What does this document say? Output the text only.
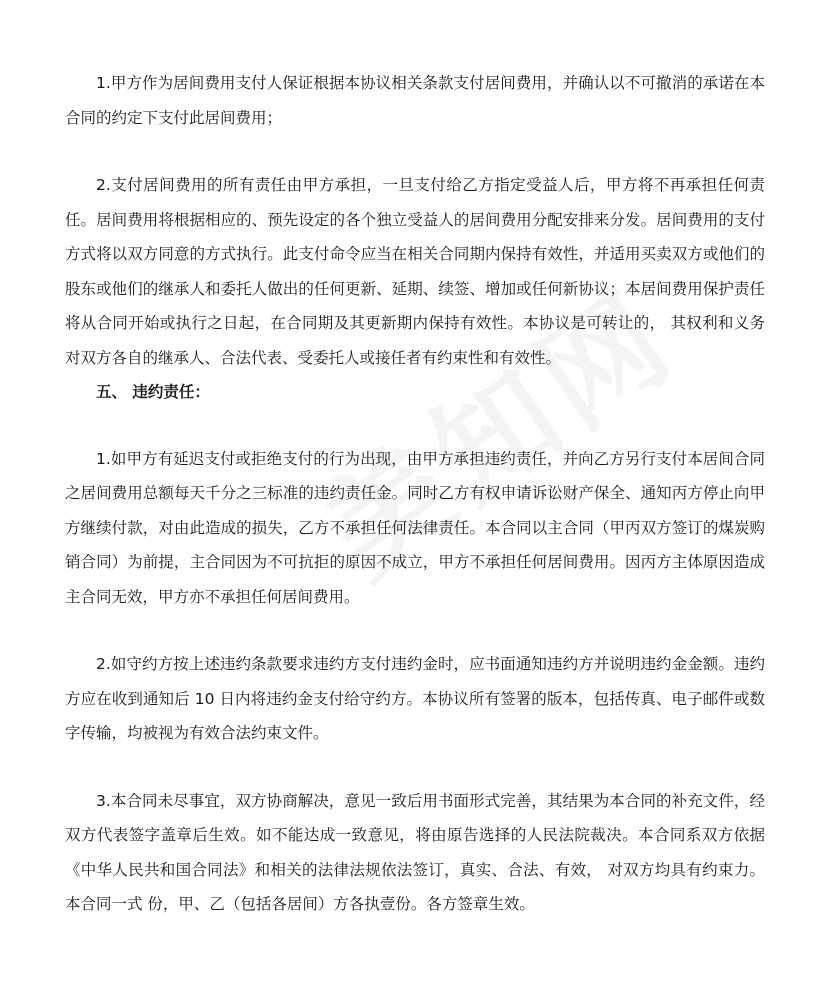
1.甲方作为居间费用支付人保证根据本协议相关条款支付居间费用，并确认以不可撤消的承诺在本合同的约定下支付此居间费用；

2.支付居间费用的所有责任由甲方承担，一旦支付给乙方指定受益人后，甲方将不再承担任何责任。居间费用将根据相应的、预先设定的各个独立受益人的居间费用分配安排来分发。居间费用的支付方式将以双方同意的方式执行。此支付命令应当在相关合同期内保持有效性，并适用买卖双方或他们的股东或他们的继承人和委托人做出的任何更新、延期、续签、增加或任何新协议；本居间费用保护责任将从合同开始或执行之日起，在合同期及其更新期内保持有效性。本协议是可转让的， 其权利和义务对双方各自的继承人、合法代表、受委托人或接任者有约束性和有效性。

五、 违约责任：

1.如甲方有延迟支付或拒绝支付的行为出现，由甲方承担违约责任，并向乙方另行支付本居间合同之居间费用总额每天千分之三标准的违约责任金。同时乙方有权申请诉讼财产保全、通知丙方停止向甲方继续付款，对由此造成的损失，乙方不承担任何法律责任。本合同以主合同（甲丙双方签订的煤炭购销合同）为前提，主合同因为不可抗拒的原因不成立，甲方不承担任何居间费用。因丙方主体原因造成主合同无效，甲方亦不承担任何居间费用。

2.如守约方按上述违约条款要求违约方支付违约金时，应书面通知违约方并说明违约金金额。违约方应在收到通知后 10 日内将违约金支付给守约方。本协议所有签署的版本，包括传真、电子邮件或数字传输，均被视为有效合法约束文件。

3.本合同未尽事宜，双方协商解决，意见一致后用书面形式完善，其结果为本合同的补充文件，经双方代表签字盖章后生效。如不能达成一致意见，将由原告选择的人民法院裁决。本合同系双方依据《中华人民共和国合同法》和相关的法律法规依法签订，真实、合法、有效， 对双方均具有约束力。本合同一式 份，甲、乙（包括各居间）方各执壹份。各方签章生效。
